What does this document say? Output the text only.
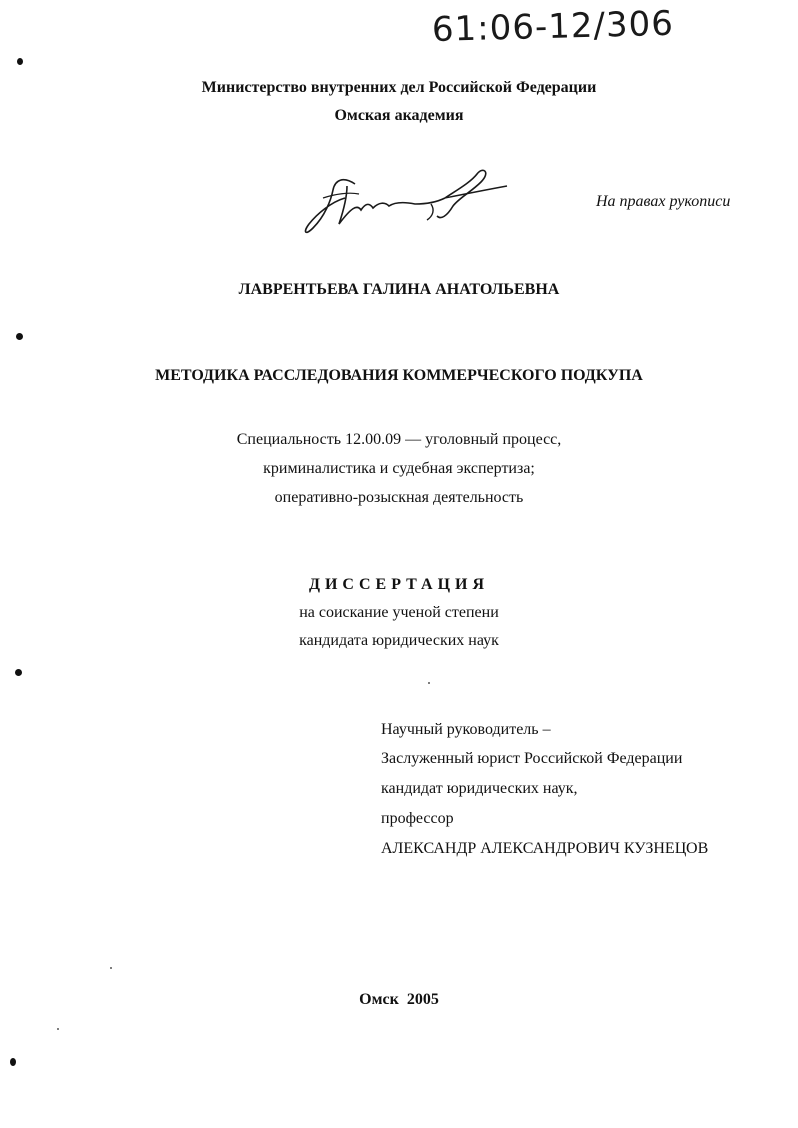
61:06-12/306
Министерство внутренних дел Российской Федерации
Омская академия
На правах рукописи
ЛАВРЕНТЬЕВА ГАЛИНА АНАТОЛЬЕВНА
МЕТОДИКА РАССЛЕДОВАНИЯ КОММЕРЧЕСКОГО ПОДКУПА
Специальность 12.00.09 — уголовный процесс,
криминалистика и судебная экспертиза;
оперативно-розыскная деятельность
ДИССЕРТАЦИЯ
на соискание ученой степени
кандидата юридических наук
Научный руководитель –
Заслуженный юрист Российской Федерации
кандидат юридических наук,
профессор
АЛЕКСАНДР АЛЕКСАНДРОВИЧ КУЗНЕЦОВ
Омск  2005
